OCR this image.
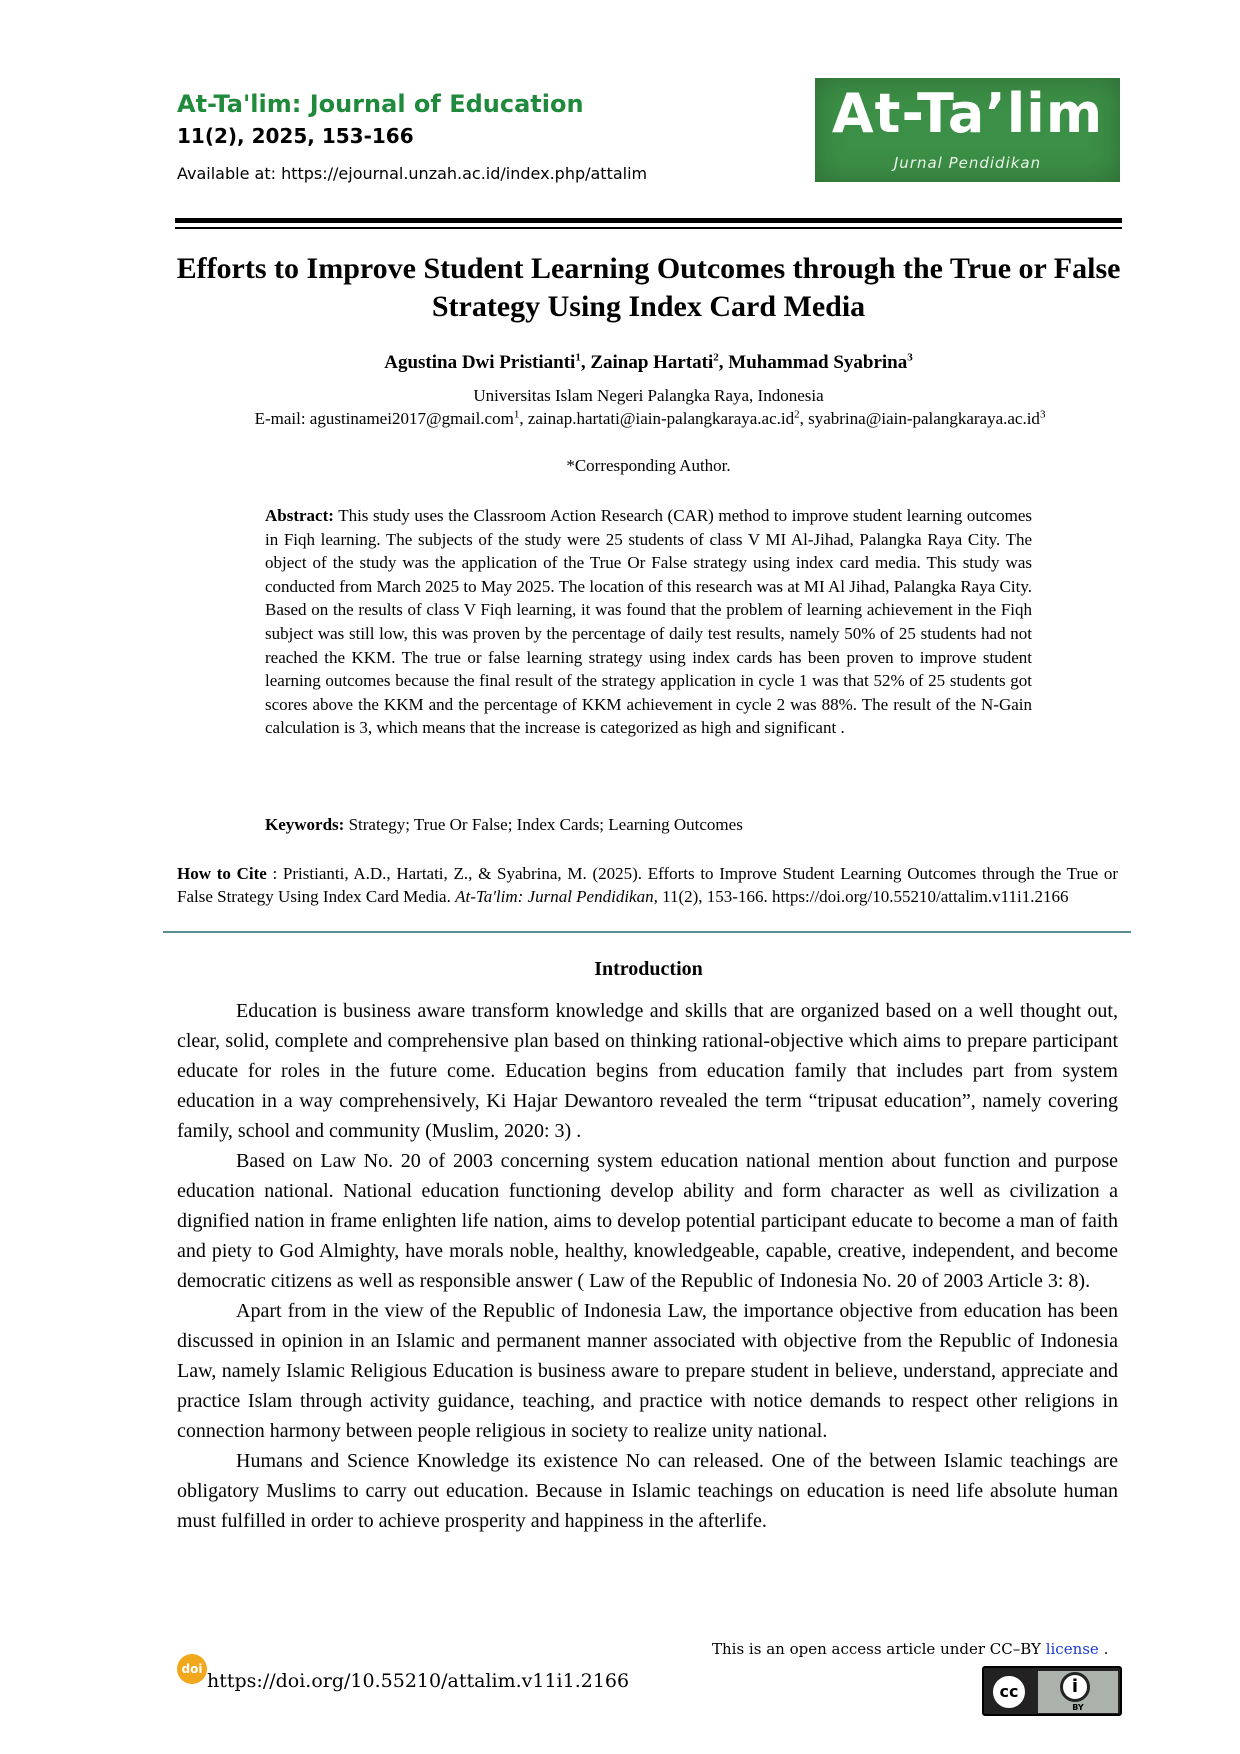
At-Ta'lim: Journal of Education
11(2), 2025, 153-166
Available at: https://ejournal.unzah.ac.id/index.php/attalim
At-Ta’lim
Jurnal Pendidikan
Efforts to Improve Student Learning Outcomes through the True or False Strategy Using Index Card Media
Agustina Dwi Pristianti$^1$, Zainap Hartati$^2$, Muhammad Syabrina$^3$
Universitas Islam Negeri Palangka Raya, Indonesia
E-mail: agustinamei2017@gmail.com$^1$, $zainap.hartati@iain-palangkaraya.ac.id^2$, $syabrina@iain-palangkaraya.ac.id^3$
*Corresponding Author.
Abstract: This study uses the Classroom Action Research (CAR) method to improve student learning outcomes in Fiqh learning. The subjects of the study were 25 students of class V MI Al-Jihad, Palangka Raya City. The object of the study was the application of the True Or False strategy using index card media. This study was conducted from March 2025 to May 2025. The location of this research was at MI Al Jihad, Palangka Raya City. Based on the results of class V Fiqh learning, it was found that the problem of learning achievement in the Fiqh subject was still low, this was proven by the percentage of daily test results, namely 50% of 25 students had not reached the KKM. The true or false learning strategy using index cards has been proven to improve student learning outcomes because the final result of the strategy application in cycle 1 was that 52% of 25 students got scores above the KKM and the percentage of KKM achievement in cycle 2 was 88%. The result of the N-Gain calculation is 3, which means that the increase is categorized as high and significant .
Keywords: Strategy; True Or False; Index Cards; Learning Outcomes
How to Cite : Pristianti, A.D., Hartati, Z., & Syabrina, M. (2025). Efforts to Improve Student Learning Outcomes through the True or False Strategy Using Index Card Media. At-Ta'lim: Jurnal Pendidikan, 11(2), 153-166. https://doi.org/10.55210/attalim.v11i1.2166
Introduction

Education is business aware transform knowledge and skills that are organized based on a well thought out, clear, solid, complete and comprehensive plan based on thinking rational-objective which aims to prepare participant educate for roles in the future come. Education begins from education family that includes part from system education in a way comprehensively, Ki Hajar Dewantoro revealed the term “tripusat education”, namely covering family, school and community (Muslim, 2020: 3) .

Based on Law No. 20 of 2003 concerning system education national mention about function and purpose education national. National education functioning develop ability and form character as well as civilization a dignified nation in frame enlighten life nation, aims to develop potential participant educate to become a man of faith and piety to God Almighty, have morals noble, healthy, knowledgeable, capable, creative, independent, and become democratic citizens as well as responsible answer ( Law of the Republic of Indonesia No. 20 of 2003 Article 3: 8).

Apart from in the view of the Republic of Indonesia Law, the importance objective from education has been discussed in opinion in an Islamic and permanent manner associated with objective from the Republic of Indonesia Law, namely Islamic Religious Education is business aware to prepare student in believe, understand, appreciate and practice Islam through activity guidance, teaching, and practice with notice demands to respect other religions in connection harmony between people religious in society to realize unity national.

Humans and Science Knowledge its existence No can released. One of the between Islamic teachings are obligatory Muslims to carry out education. Because in Islamic teachings on education is need life absolute human must fulfilled in order to achieve prosperity and happiness in the afterlife.

This is an open access article under CC–BY license .
doi
https://doi.org/10.55210/attalim.v11i1.2166	cc	i
BY
